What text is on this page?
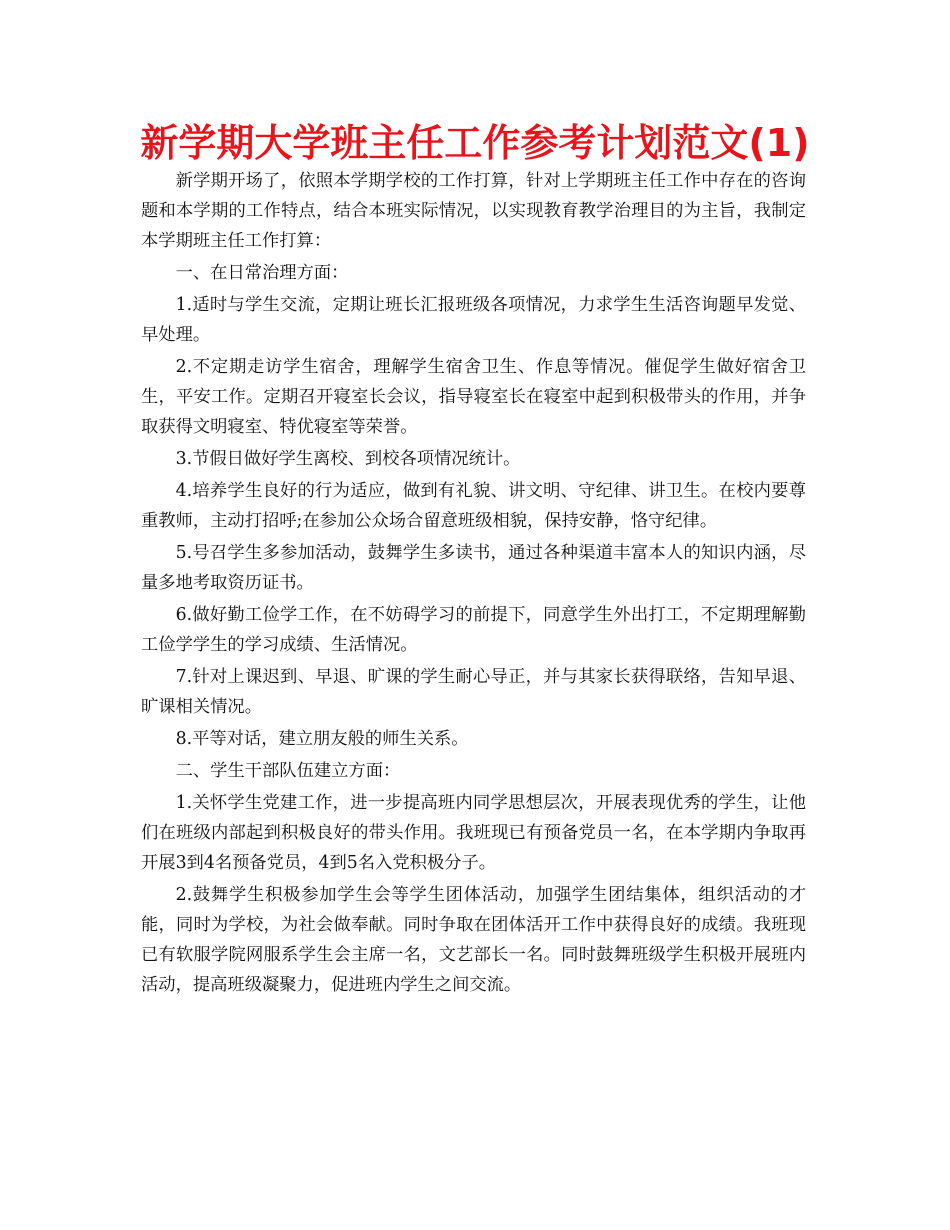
新学期大学班主任工作参考计划范文(1)

新学期开场了，依照本学期学校的工作打算，针对上学期班主任工作中存在的咨询题和本学期的工作特点，结合本班实际情况，以实现教育教学治理目的为主旨，我制定本学期班主任工作打算：

一、在日常治理方面：

1.适时与学生交流，定期让班长汇报班级各项情况，力求学生生活咨询题早发觉、早处理。

2.不定期走访学生宿舍，理解学生宿舍卫生、作息等情况。催促学生做好宿舍卫生，平安工作。定期召开寝室长会议，指导寝室长在寝室中起到积极带头的作用，并争取获得文明寝室、特优寝室等荣誉。

3.节假日做好学生离校、到校各项情况统计。

4.培养学生良好的行为适应，做到有礼貌、讲文明、守纪律、讲卫生。在校内要尊重教师，主动打招呼;在参加公众场合留意班级相貌，保持安静，恪守纪律。

5.号召学生多参加活动，鼓舞学生多读书，通过各种渠道丰富本人的知识内涵，尽量多地考取资历证书。

6.做好勤工俭学工作，在不妨碍学习的前提下，同意学生外出打工，不定期理解勤工俭学学生的学习成绩、生活情况。

7.针对上课迟到、早退、旷课的学生耐心导正，并与其家长获得联络，告知早退、旷课相关情况。

8.平等对话，建立朋友般的师生关系。

二、学生干部队伍建立方面：

1.关怀学生党建工作，进一步提高班内同学思想层次，开展表现优秀的学生，让他们在班级内部起到积极良好的带头作用。我班现已有预备党员一名，在本学期内争取再开展3到4名预备党员，4到5名入党积极分子。

2.鼓舞学生积极参加学生会等学生团体活动，加强学生团结集体，组织活动的才能，同时为学校，为社会做奉献。同时争取在团体活开工作中获得良好的成绩。我班现已有软服学院网服系学生会主席一名，文艺部长一名。同时鼓舞班级学生积极开展班内活动，提高班级凝聚力，促进班内学生之间交流。
